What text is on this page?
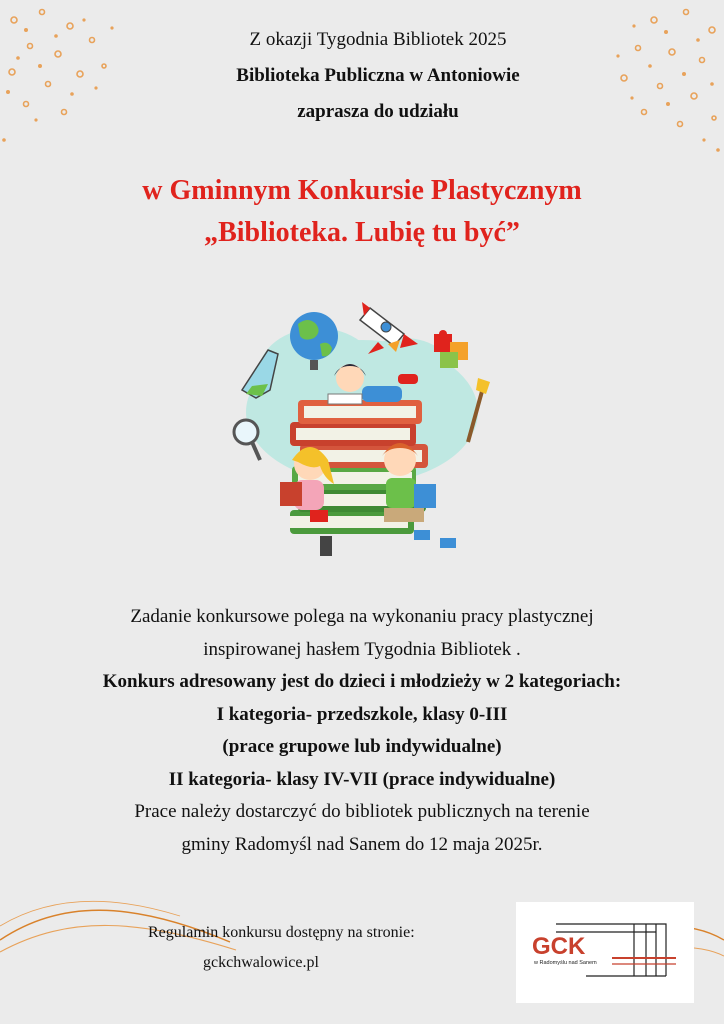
Z okazji Tygodnia Bibliotek 2025
Biblioteka Publiczna w Antoniowie
zaprasza do udziału
w Gminnym Konkursie Plastycznym
„Biblioteka. Lubię tu być”
Zadanie konkursowe polega na wykonaniu pracy plastycznej
inspirowanej hasłem Tygodnia Bibliotek .
Konkurs adresowany jest do dzieci i młodzieży w 2 kategoriach:
I kategoria- przedszkole, klasy 0-III
(prace grupowe lub indywidualne)
II kategoria- klasy IV-VII (prace indywidualne)
Prace należy dostarczyć do bibliotek publicznych na terenie
gminy Radomyśl nad Sanem do 12 maja 2025r.
Regulamin konkursu dostępny na stronie:
gckchwalowice.pl
GCK
w Radomyślu nad Sanem
